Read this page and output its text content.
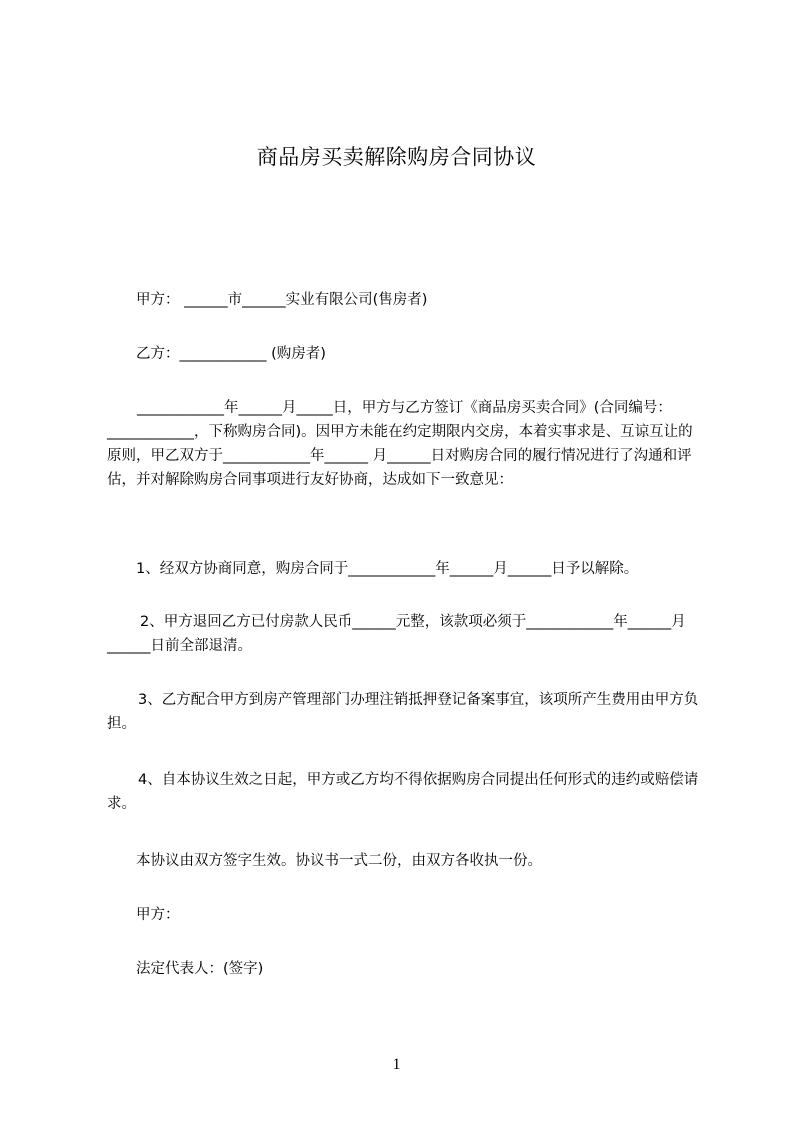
商品房买卖解除购房合同协议
甲方： ______市______实业有限公司(售房者)
乙方：____________ (购房者)
____________年______月_____日，甲方与乙方签订《商品房买卖合同》(合同编号：____________，下称购房合同)。因甲方未能在约定期限内交房，本着实事求是、互谅互让的原则，甲乙双方于____________年______ 月______日对购房合同的履行情况进行了沟通和评估，并对解除购房合同事项进行友好协商，达成如下一致意见：
1、经双方协商同意，购房合同于____________年______月______日予以解除。
2、甲方退回乙方已付房款人民币______元整，该款项必须于____________年______月______日前全部退清。
3、乙方配合甲方到房产管理部门办理注销抵押登记备案事宜，该项所产生费用由甲方负担。
4、自本协议生效之日起，甲方或乙方均不得依据购房合同提出任何形式的违约或赔偿请求。
本协议由双方签字生效。协议书一式二份，由双方各收执一份。
甲方：
法定代表人：(签字)
1
